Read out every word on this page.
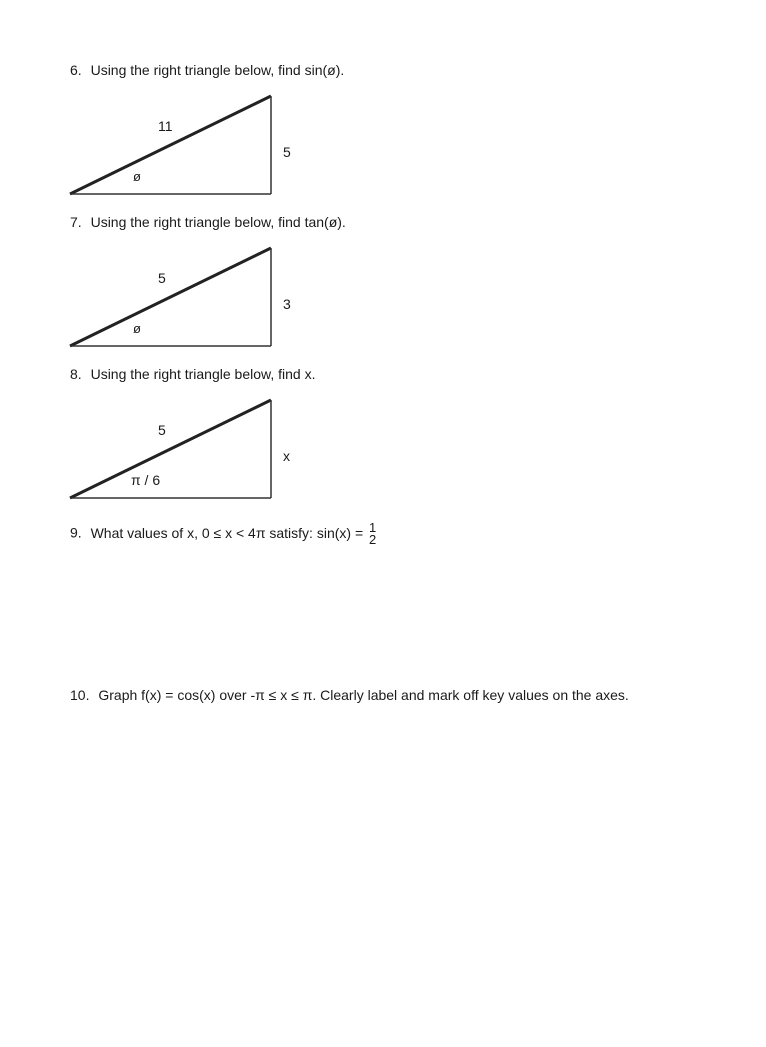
6. Using the right triangle below, find sin(ø).
11
5
ø
7. Using the right triangle below, find tan(ø).
5
3
ø
8. Using the right triangle below, find x.
5
x
π / 6
9. What values of x, 0 ≤ x < 4π satisfy: sin(x) = 1
2
10. Graph f(x) = cos(x) over -π ≤ x ≤ π. Clearly label and mark off key values on the axes.
